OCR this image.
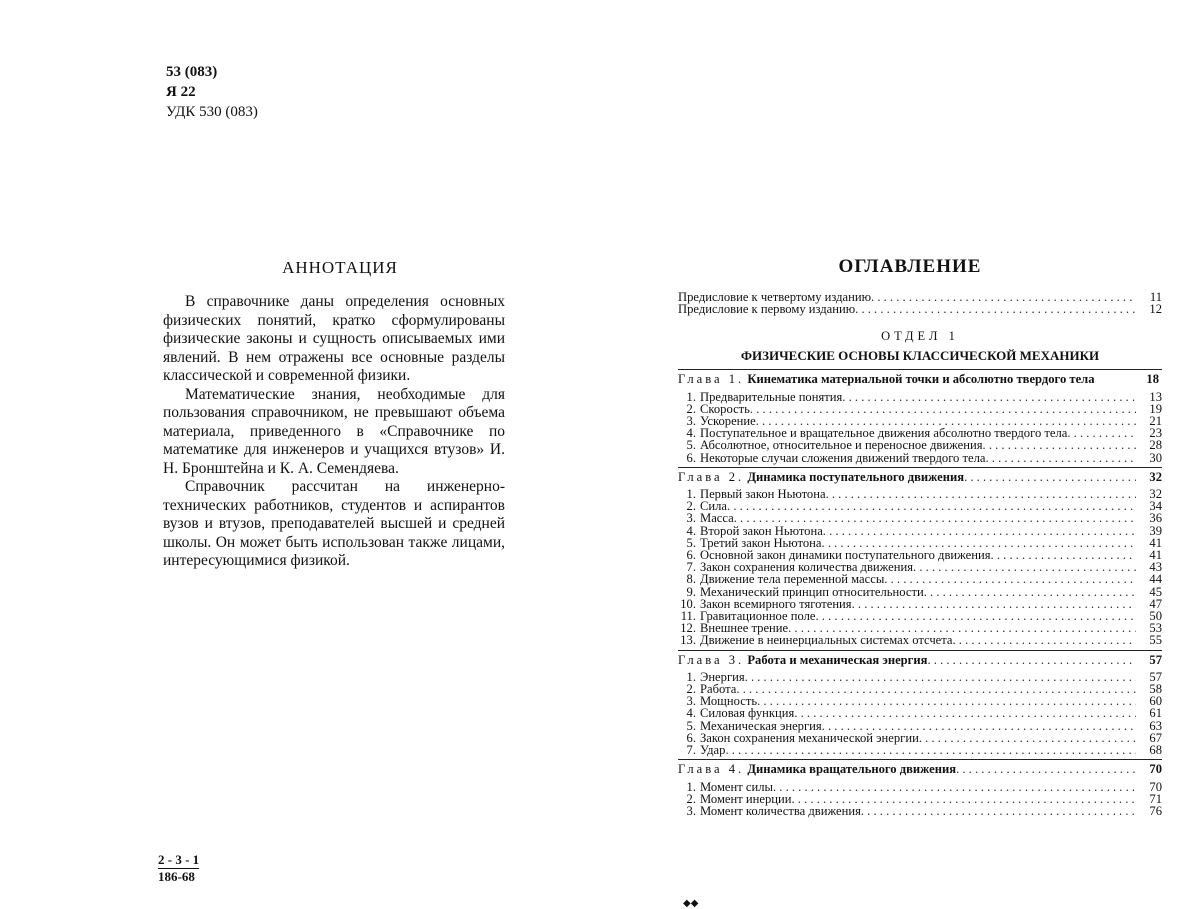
53 (083)
Я 22
УДК 530 (083)
АННОТАЦИЯ

В справочнике даны определения основных физических понятий, кратко сформулированы физические законы и сущность описываемых ими явлений. В нем отражены все основные разделы классической и современной физики.

Математические знания, необходимые для пользования справочником, не превышают объема материала, приведенного в «Справочнике по математике для инженеров и учащихся втузов» И. Н. Бронштейна и К. А. Семендяева.

Справочник рассчитан на инженерно-технических работников, студентов и аспирантов вузов и втузов, преподавателей высшей и средней школы. Он может быть использован также лицами, интересующимися физикой.

2 - 3 - 1
186-68
ОГЛАВЛЕНИЕ
Предисловие к четвертому изданию . . .	11
Предисловие к первому изданию . . .	12
ОТДЕЛ 1
ФИЗИЧЕСКИЕ ОСНОВЫ КЛАССИЧЕСКОЙ МЕХАНИКИ
Глава 1. Кинематика материальной точки и абсолютно твердого тела	18
1. Предварительные понятия . . .	13
2. Скорость . . .	19
3. Ускорение . . .	21
4. Поступательное и вращательное движения абсолютно твердого тела . . .	23
5. Абсолютное, относительное и переносное движения . . .	28
6. Некоторые случаи сложения движений твердого тела . . .	30
Глава 2. Динамика поступательного движения . . .	32
1. Первый закон Ньютона . . .	32
2. Сила . . .	34
3. Масса . . .	36
4. Второй закон Ньютона . . .	39
5. Третий закон Ньютона . . .	41
6. Основной закон динамики поступательного движения . . .	41
7. Закон сохранения количества движения . . .	43
8. Движение тела переменной массы . . .	44
9. Механический принцип относительности . . .	45
10. Закон всемирного тяготения . . .	47
11. Гравитационное поле . . .	50
12. Внешнее трение . . .	53
13. Движение в неинерциальных системах отсчета . . .	55
Глава 3. Работа и механическая энергия . . .	57
1. Энергия . . .	57
2. Работа . . .	58
3. Мощность . . .	60
4. Силовая функция . . .	61
5. Механическая энергия . . .	63
6. Закон сохранения механической энергии . . .	67
7. Удар . . .	68
Глава 4. Динамика вращательного движения . . .	70
1. Момент силы . . .	70
2. Момент инерции . . .	71
3. Момент количества движения . . .	76
◆◆
